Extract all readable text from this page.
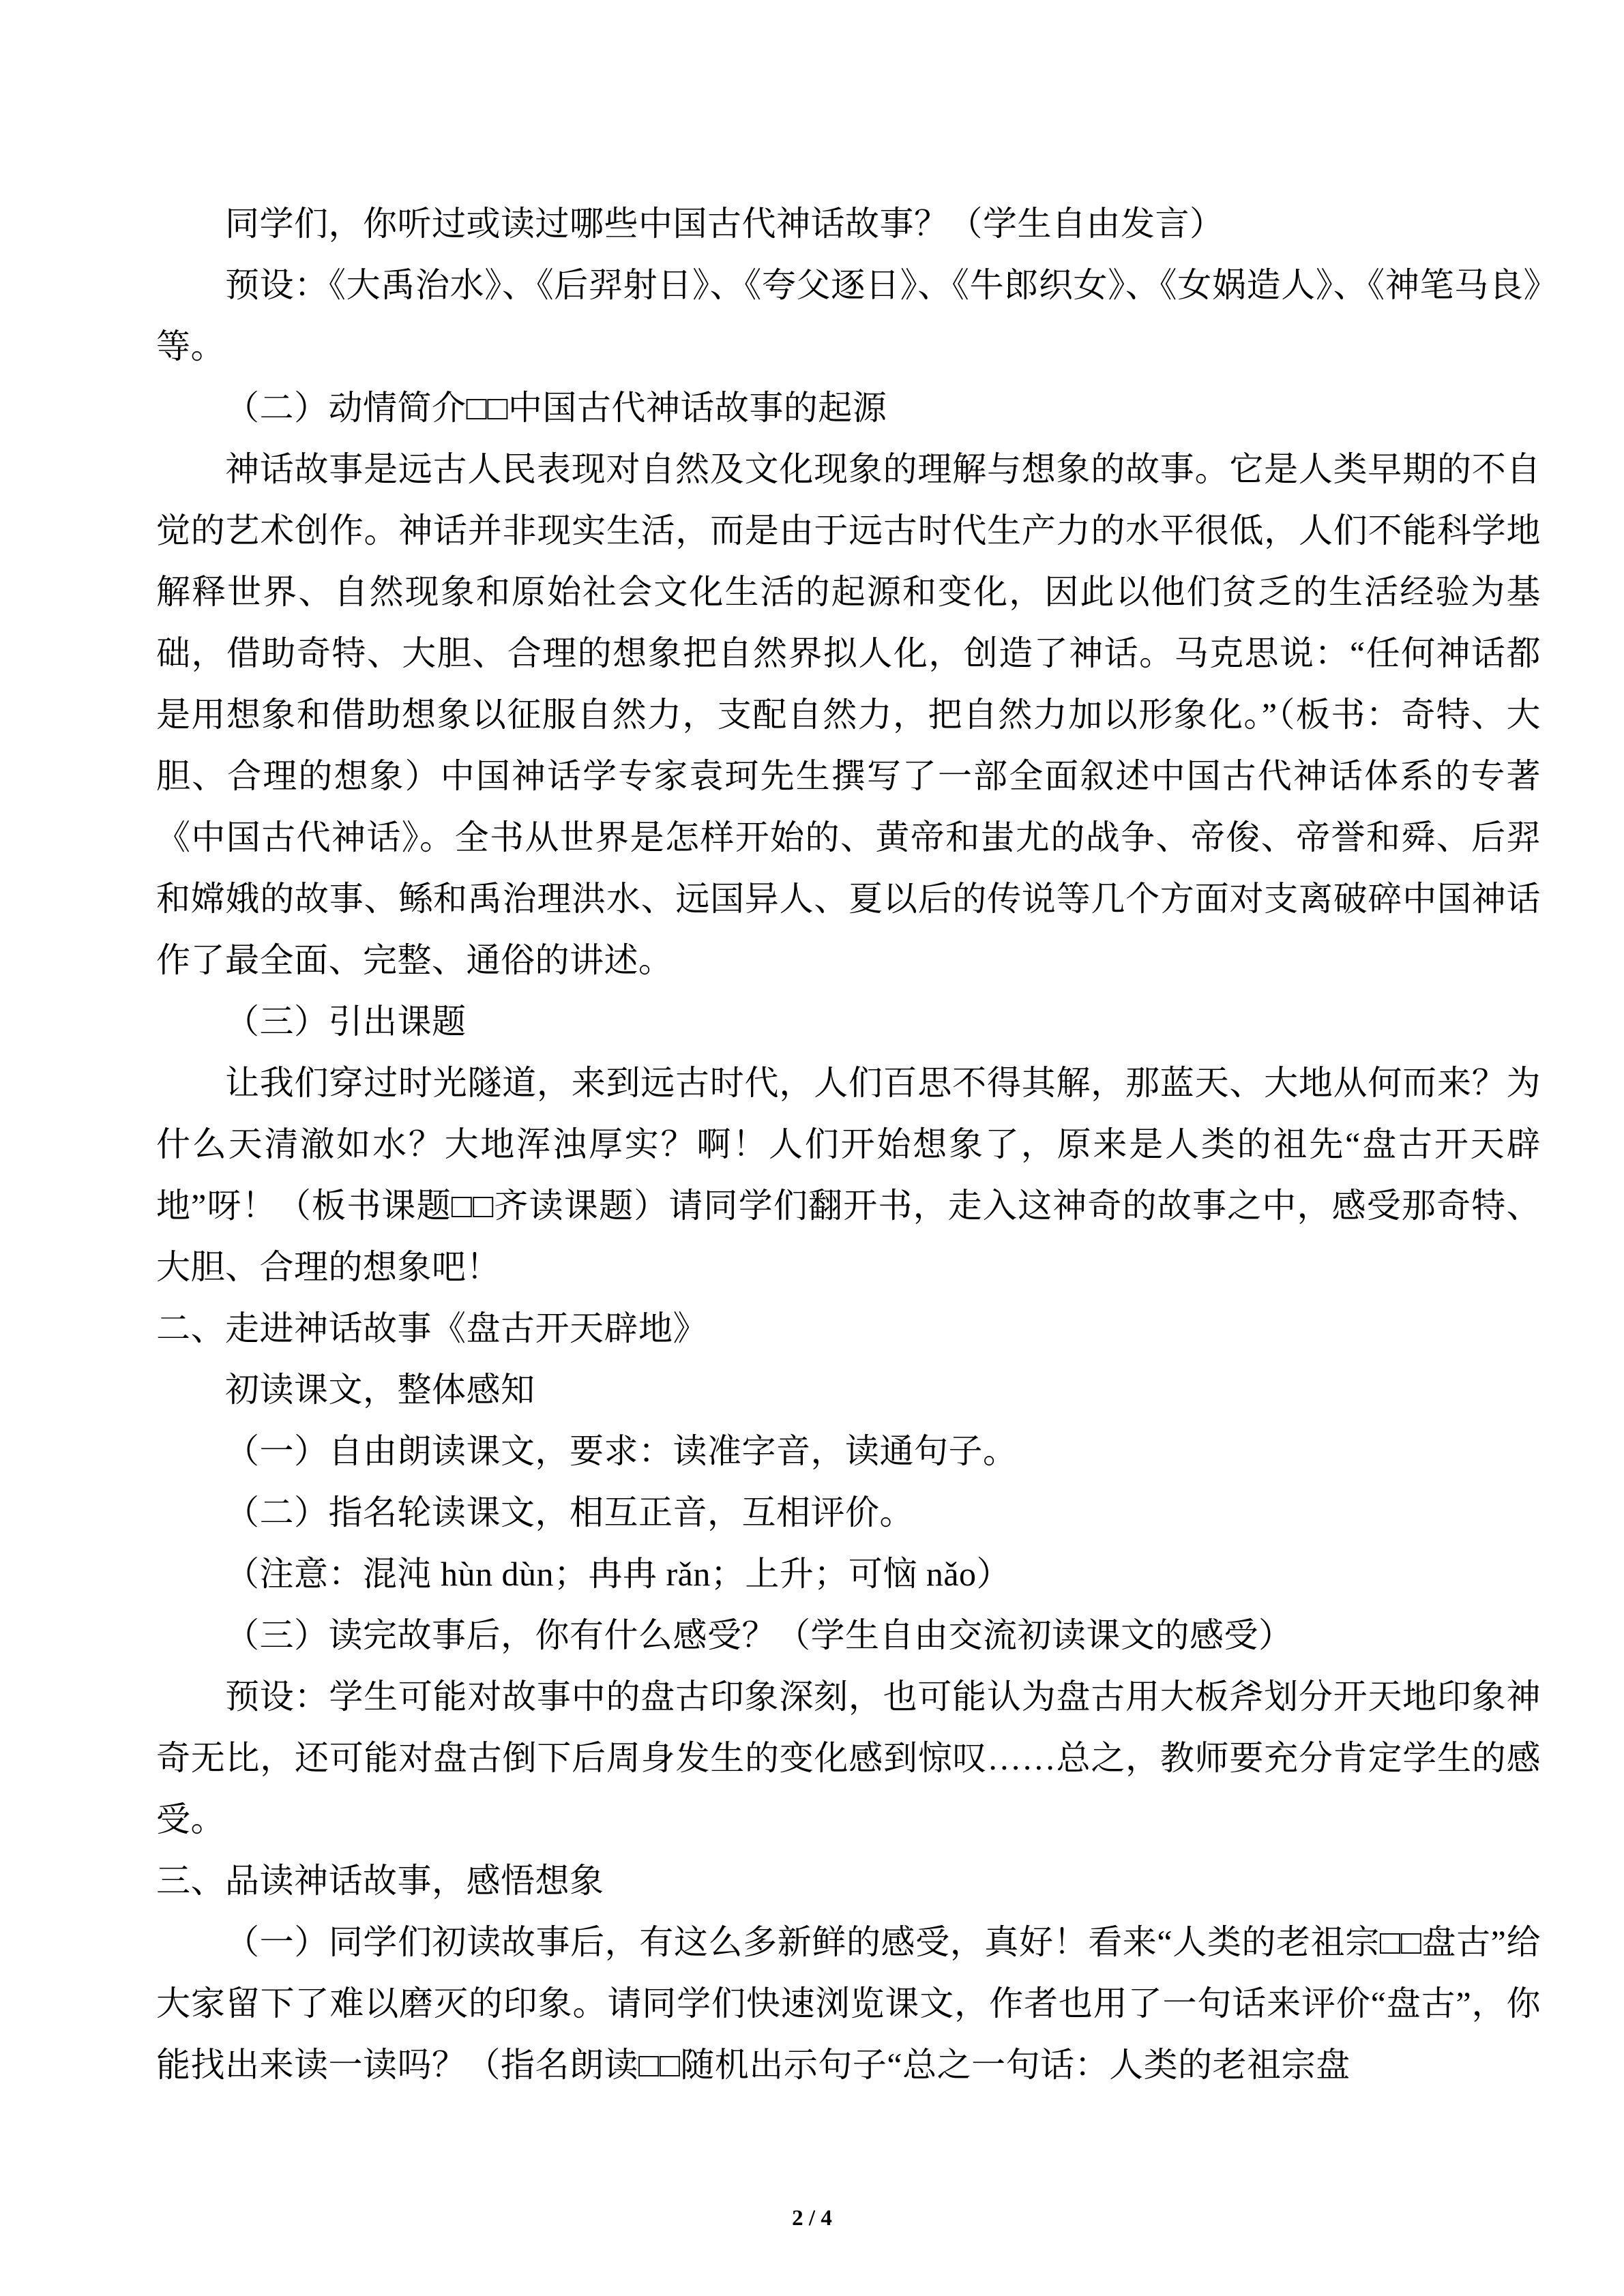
同学们，你听过或读过哪些中国古代神话故事？（学生自由发言）

预设：《大禹治水》、《后羿射日》、《夸父逐日》、《牛郎织女》、《女娲造人》、《神笔马良》等。

（二）动情简介□□中国古代神话故事的起源

神话故事是远古人民表现对自然及文化现象的理解与想象的故事。它是人类早期的不自觉的艺术创作。神话并非现实生活，而是由于远古时代生产力的水平很低，人们不能科学地解释世界、自然现象和原始社会文化生活的起源和变化，因此以他们贫乏的生活经验为基础，借助奇特、大胆、合理的想象把自然界拟人化，创造了神话。马克思说：“任何神话都是用想象和借助想象以征服自然力，支配自然力，把自然力加以形象化。”（板书：奇特、大胆、合理的想象）中国神话学专家袁珂先生撰写了一部全面叙述中国古代神话体系的专著《中国古代神话》。全书从世界是怎样开始的、黄帝和蚩尤的战争、帝俊、帝誉和舜、后羿和嫦娥的故事、鲧和禹治理洪水、远国异人、夏以后的传说等几个方面对支离破碎中国神话作了最全面、完整、通俗的讲述。

（三）引出课题

让我们穿过时光隧道，来到远古时代，人们百思不得其解，那蓝天、大地从何而来？为什么天清澈如水？大地浑浊厚实？啊！人们开始想象了，原来是人类的祖先“盘古开天辟地”呀！（板书课题□□齐读课题）请同学们翻开书，走入这神奇的故事之中，感受那奇特、大胆、合理的想象吧！

二、走进神话故事《盘古开天辟地》

初读课文，整体感知

（一）自由朗读课文，要求：读准字音，读通句子。

（二）指名轮读课文，相互正音，互相评价。

（注意：混沌 hùn dùn；冉冉 rǎn；上升；可恼 nǎo）

（三）读完故事后，你有什么感受？（学生自由交流初读课文的感受）

预设：学生可能对故事中的盘古印象深刻，也可能认为盘古用大板斧划分开天地印象神奇无比，还可能对盘古倒下后周身发生的变化感到惊叹……总之，教师要充分肯定学生的感受。

三、品读神话故事，感悟想象

（一）同学们初读故事后，有这么多新鲜的感受，真好！看来“人类的老祖宗□□盘古”给大家留下了难以磨灭的印象。请同学们快速浏览课文，作者也用了一句话来评价“盘古”，你能找出来读一读吗？（指名朗读□□随机出示句子“总之一句话：人类的老祖宗盘

2 / 4
